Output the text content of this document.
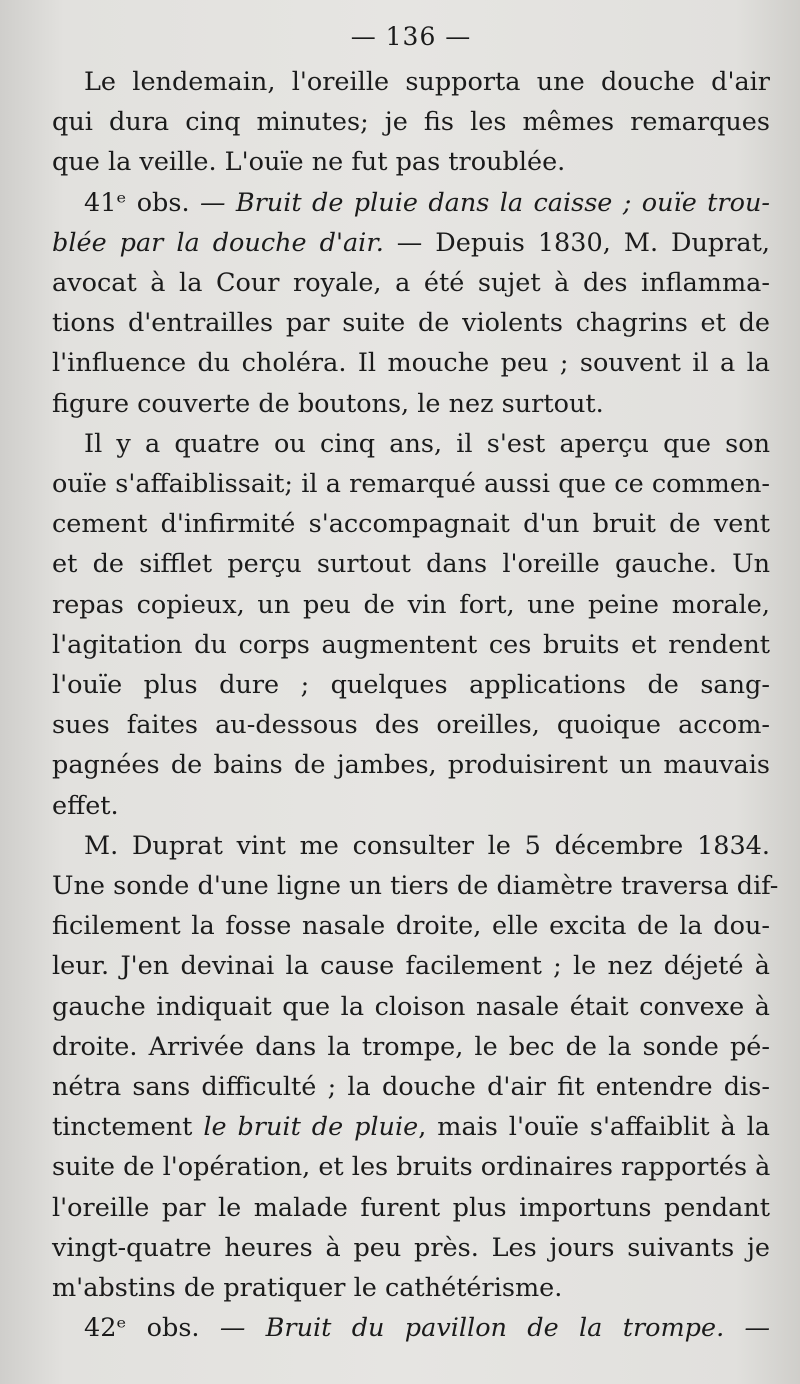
— 136 —
Le lendemain, l'oreille supporta une douche d'air
qui dura cinq minutes; je fis les mêmes remarques
que la veille. L'ouïe ne fut pas troublée.
41ᵉ obs. — Bruit de pluie dans la caisse ; ouïe trou-
blée par la douche d'air. — Depuis 1830, M. Duprat,
avocat à la Cour royale, a été sujet à des inflamma-
tions d'entrailles par suite de violents chagrins et de
l'influence du choléra. Il mouche peu ; souvent il a la
figure couverte de boutons, le nez surtout.
Il y a quatre ou cinq ans, il s'est aperçu que son
ouïe s'affaiblissait; il a remarqué aussi que ce commen-
cement d'infirmité s'accompagnait d'un bruit de vent
et de sifflet perçu surtout dans l'oreille gauche. Un
repas copieux, un peu de vin fort, une peine morale,
l'agitation du corps augmentent ces bruits et rendent
l'ouïe plus dure ; quelques applications de sang-
sues faites au-dessous des oreilles, quoique accom-
pagnées de bains de jambes, produisirent un mauvais
effet.
M. Duprat vint me consulter le 5 décembre 1834.
Une sonde d'une ligne un tiers de diamètre traversa dif-
ficilement la fosse nasale droite, elle excita de la dou-
leur. J'en devinai la cause facilement ; le nez déjeté à
gauche indiquait que la cloison nasale était convexe à
droite. Arrivée dans la trompe, le bec de la sonde pé-
nétra sans difficulté ; la douche d'air fit entendre dis-
tinctement le bruit de pluie, mais l'ouïe s'affaiblit à la
suite de l'opération, et les bruits ordinaires rapportés à
l'oreille par le malade furent plus importuns pendant
vingt-quatre heures à peu près. Les jours suivants je
m'abstins de pratiquer le cathétérisme.
42ᵉ obs. — Bruit du pavillon de la trompe. —
